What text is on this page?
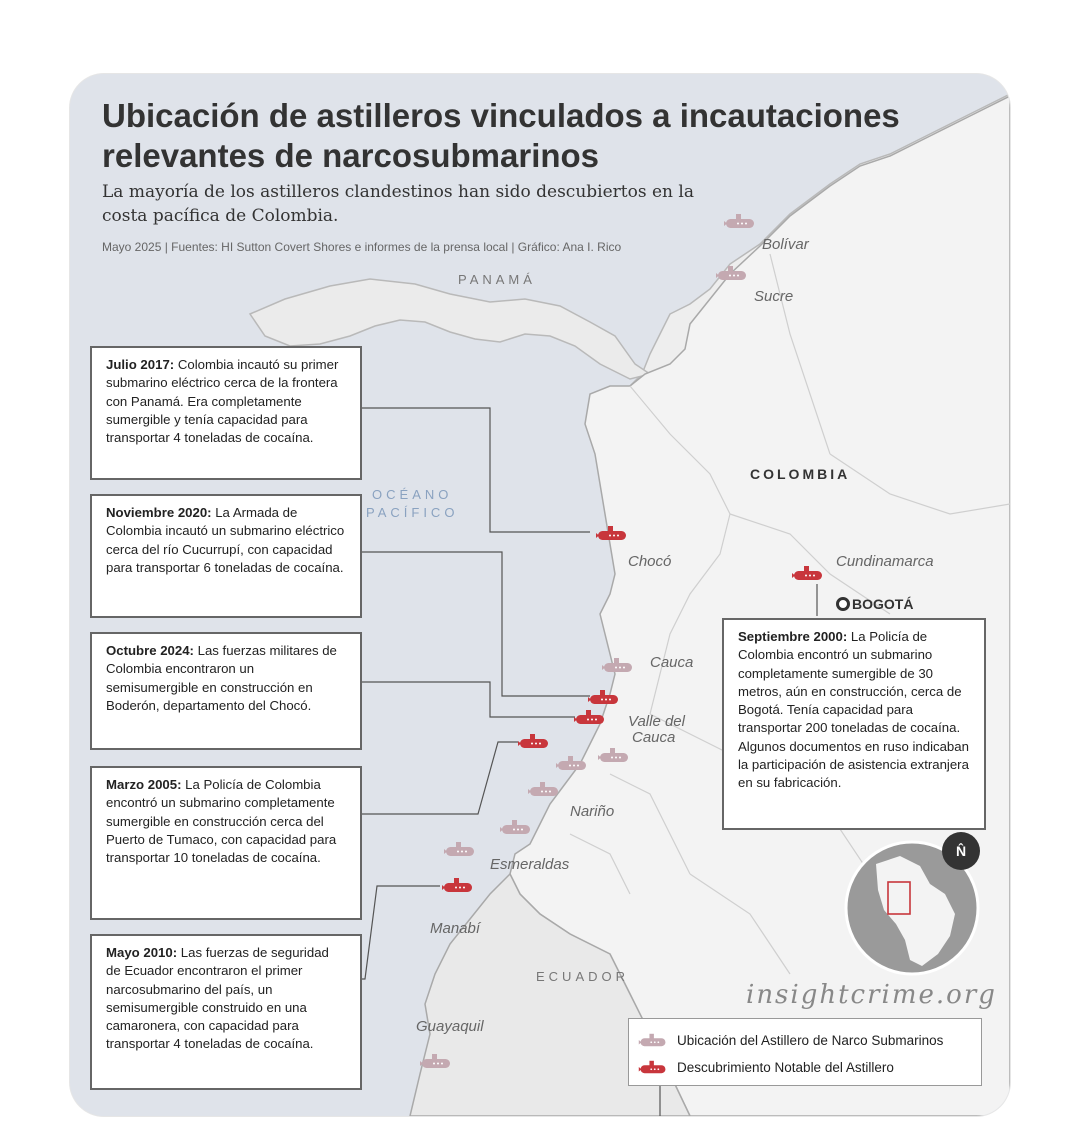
Ubicación de astilleros vinculados a incautaciones relevantes de narcosubmarinos

La mayoría de los astilleros clandestinos han sido descubiertos en la costa pacífica de Colombia.

Mayo 2025 | Fuentes: HI Sutton Covert Shores e informes de la prensa local | Gráfico: Ana I. Rico
PANAMÁ
COLOMBIA
ECUADOR
OCÉANO
PACÍFICO
Bolívar
Sucre
Chocó	Cundinamarca
Cauca
Valle del
Cauca
Nariño
Esmeraldas
Manabí
Guayaquil
BOGOTÁ
Julio 2017: Colombia incautó su primer submarino eléctrico cerca de la frontera con Panamá. Era completamente sumergible y tenía capacidad para transportar 4 toneladas de cocaína.
Noviembre 2020: La Armada de Colombia incautó un submarino eléctrico cerca del río Cucurrupí, con capacidad para transportar 6 toneladas de cocaína.
Octubre 2024: Las fuerzas militares de Colombia encontraron un semisumergible en construcción en Boderón, departamento del Chocó.
Marzo 2005: La Policía de Colombia encontró un submarino completamente sumergible en construcción cerca del Puerto de Tumaco, con capacidad para transportar 10 toneladas de cocaína.
Mayo 2010: Las fuerzas de seguridad de Ecuador encontraron el primer narcosubmarino del país, un semisumergible construido en una camaronera, con capacidad para transportar 4 toneladas de cocaína.
Septiembre 2000: La Policía de Colombia encontró un submarino completamente sumergible de 30 metros, aún en construcción, cerca de Bogotá. Tenía capacidad para transportar 200 toneladas de cocaína. Algunos documentos en ruso indicaban la participación de asistencia extranjera en su fabricación.
N̂
insightcrime.org
Ubicación del Astillero de Narco Submarinos
Descubrimiento Notable del Astillero
